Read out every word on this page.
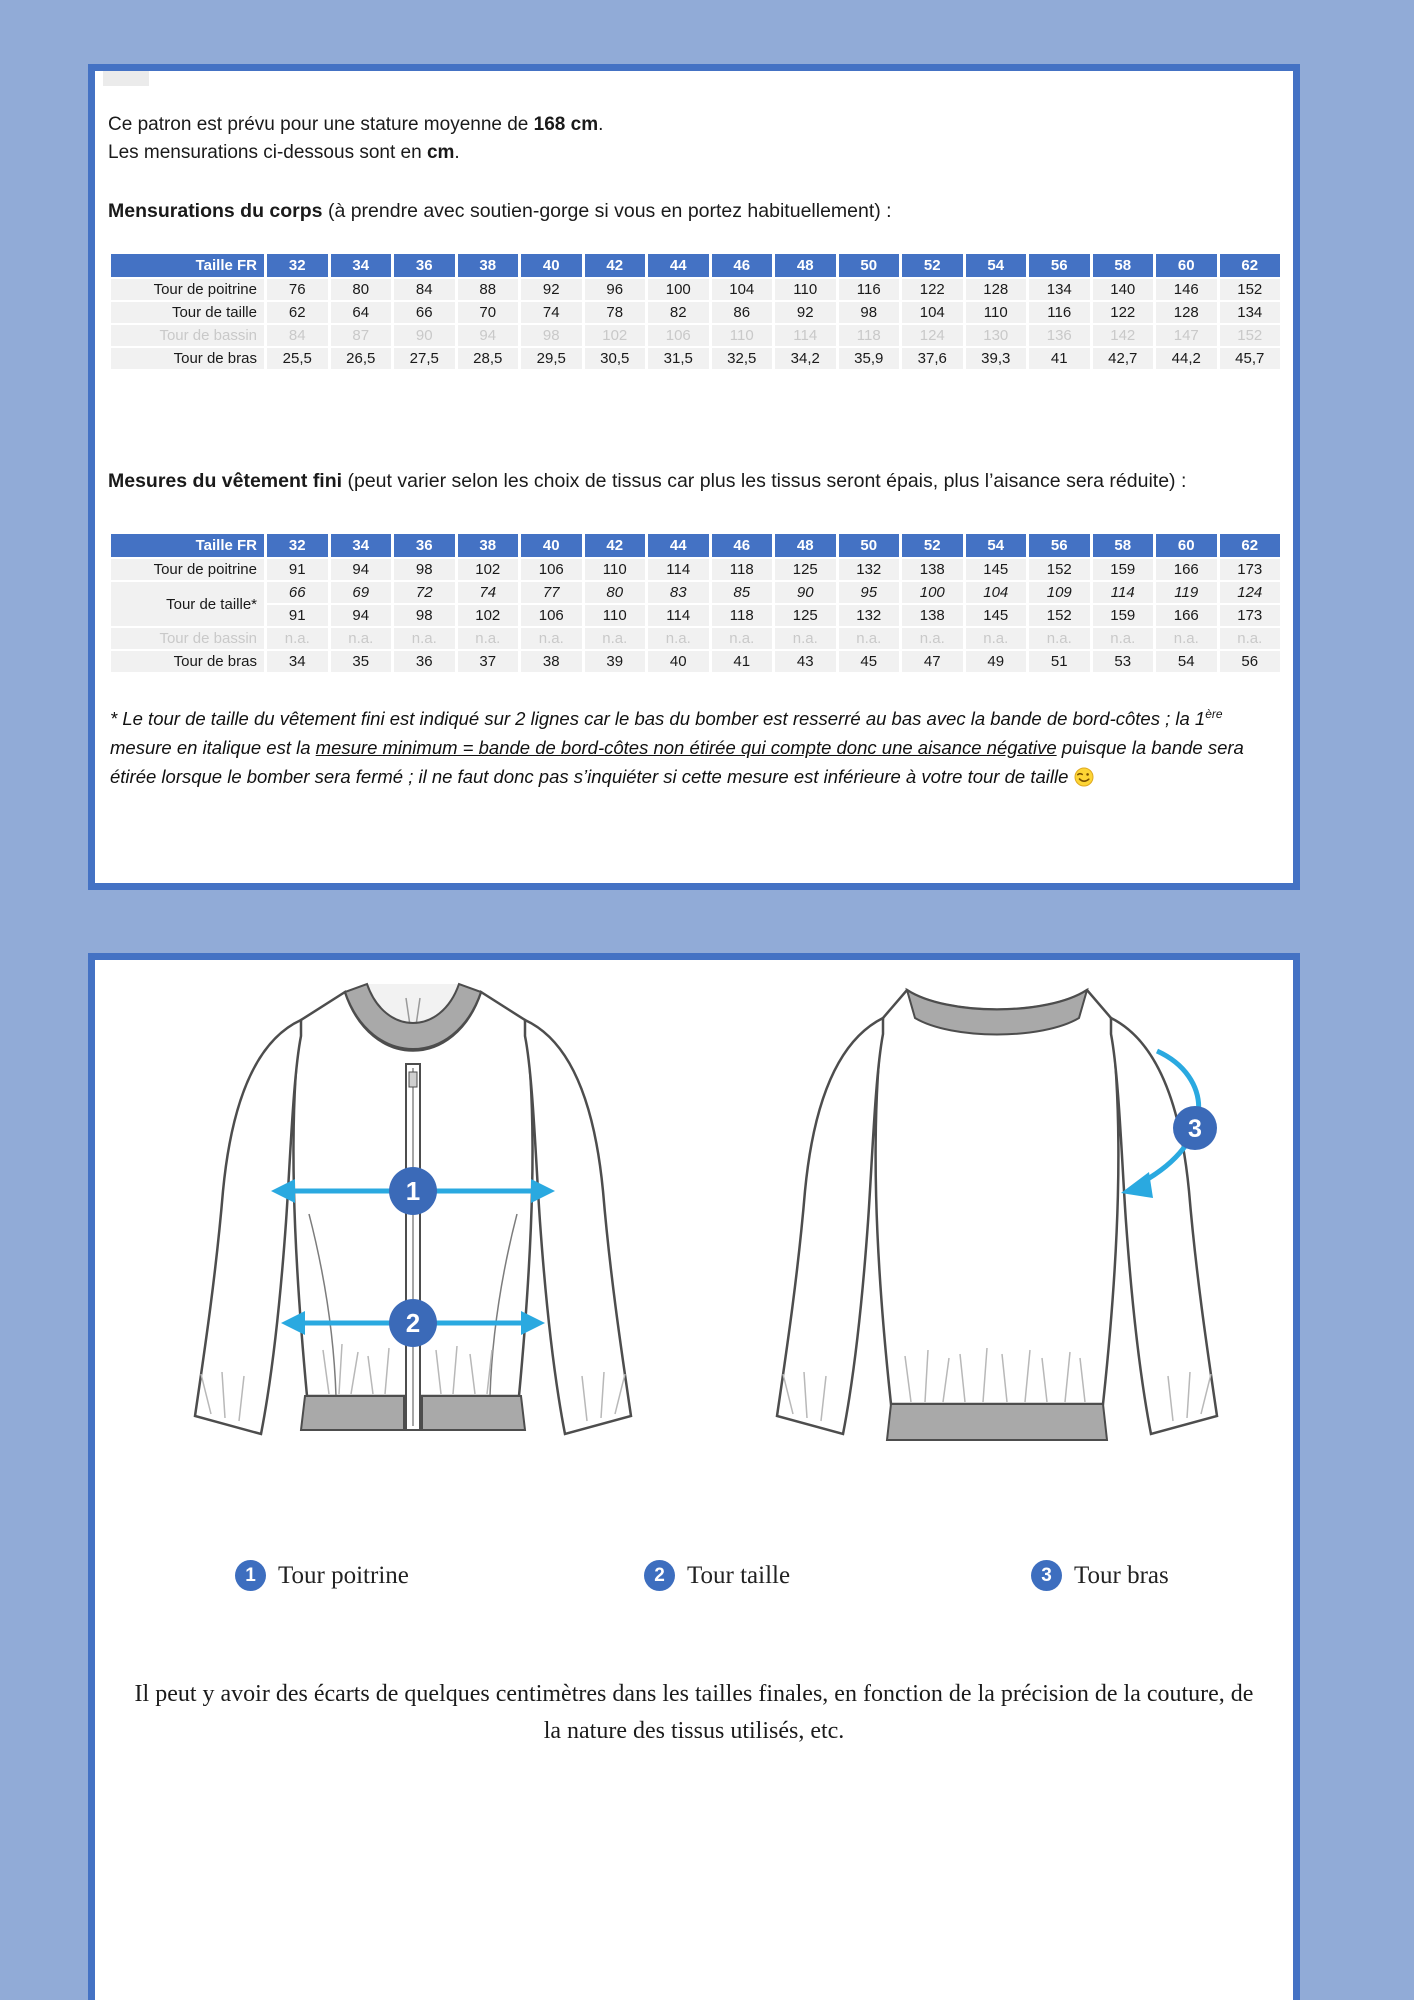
Ce patron est prévu pour une stature moyenne de 168 cm.

Les mensurations ci-dessous sont en cm.

Mensurations du corps (à prendre avec soutien-gorge si vous en portez habituellement) :
Taille FR	32	34	36	38	40	42	44	46	48	50	52	54	56	58	60	62
Tour de poitrine	76	80	84	88	92	96	100	104	110	116	122	128	134	140	146	152
Tour de taille	62	64	66	70	74	78	82	86	92	98	104	110	116	122	128	134
Tour de bassin	84	87	90	94	98	102	106	110	114	118	124	130	136	142	147	152
Tour de bras	25,5	26,5	27,5	28,5	29,5	30,5	31,5	32,5	34,2	35,9	37,6	39,3	41	42,7	44,2	45,7
Mesures du vêtement fini (peut varier selon les choix de tissus car plus les tissus seront épais, plus l’aisance sera réduite) :
Taille FR	32	34	36	38	40	42	44	46	48	50	52	54	56	58	60	62
Tour de poitrine	91	94	98	102	106	110	114	118	125	132	138	145	152	159	166	173
Tour de taille*	66	69	72	74	77	80	83	85	90	95	100	104	109	114	119	124
	91	94	98	102	106	110	114	118	125	132	138	145	152	159	166	173
Tour de bassin	n.a.	n.a.	n.a.	n.a.	n.a.	n.a.	n.a.	n.a.	n.a.	n.a.	n.a.	n.a.	n.a.	n.a.	n.a.	n.a.
Tour de bras	34	35	36	37	38	39	40	41	43	45	47	49	51	53	54	56

* Le tour de taille du vêtement fini est indiqué sur 2 lignes car le bas du bomber est resserré au bas avec la bande de bord-côtes ; la 1ère mesure en italique est la mesure minimum = bande de bord-côtes non étirée qui compte donc une aisance négative puisque la bande sera étirée lorsque le bomber sera fermé ; il ne faut donc pas s’inquiéter si cette mesure est inférieure à votre tour de taille

1
2
3
1 Tour poitrine	2 Tour taille	3 Tour bras

Il peut y avoir des écarts de quelques centimètres dans les tailles finales, en fonction de la précision de la couture, de la nature des tissus utilisés, etc.
